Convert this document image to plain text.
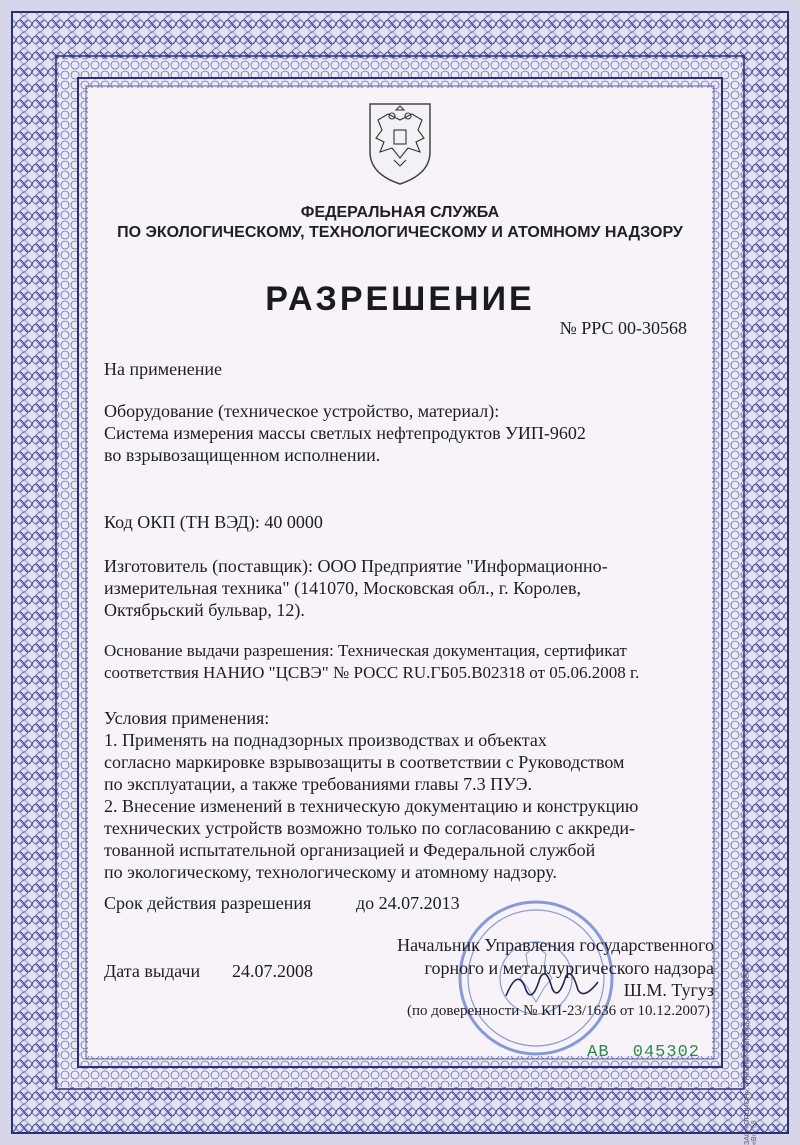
ФЕДЕРАЛЬНАЯ СЛУЖБА
ПО ЭКОЛОГИЧЕСКОМУ, ТЕХНОЛОГИЧЕСКОМУ И АТОМНОМУ НАДЗОРУ
РАЗРЕШЕНИЕ
№ РРС 00-30568
На применение
Оборудование (техническое устройство, материал):
Система измерения массы светлых нефтепродуктов УИП-9602
во взрывозащищенном исполнении.
Код ОКП (ТН ВЭД): 40 0000
Изготовитель (поставщик): ООО Предприятие "Информационно-
измерительная техника" (141070, Московская обл., г. Королев,
Октябрьский бульвар, 12).
Основание выдачи разрешения: Техническая документация, сертификат
соответствия НАНИО "ЦСВЭ" № РОСС RU.ГБ05.В02318 от 05.06.2008 г.
Условия применения:
1. Применять на поднадзорных производствах и объектах
согласно маркировке взрывозащиты в соответствии с Руководством
по эксплуатации, а также требованиями главы 7.3 ПУЭ.
2. Внесение изменений в техническую документацию и конструкцию
технических устройств возможно только по согласованию с аккреди-
тованной испытательной организацией и Федеральной службой
по экологическому, технологическому и атомному надзору.
Срок действия разрешения до 24.07.2013
Начальник Управления государственного
горного и металлургического надзора
Ш.М. Тугуз
(по доверенности № КП-23/1636 от 10.12.2007)
Дата выдачи 24.07.2008
АВ 045302	ЗАО «ОПЦИОН», г. Нижний Новгород, 2008 г., уровень «В», т.8
